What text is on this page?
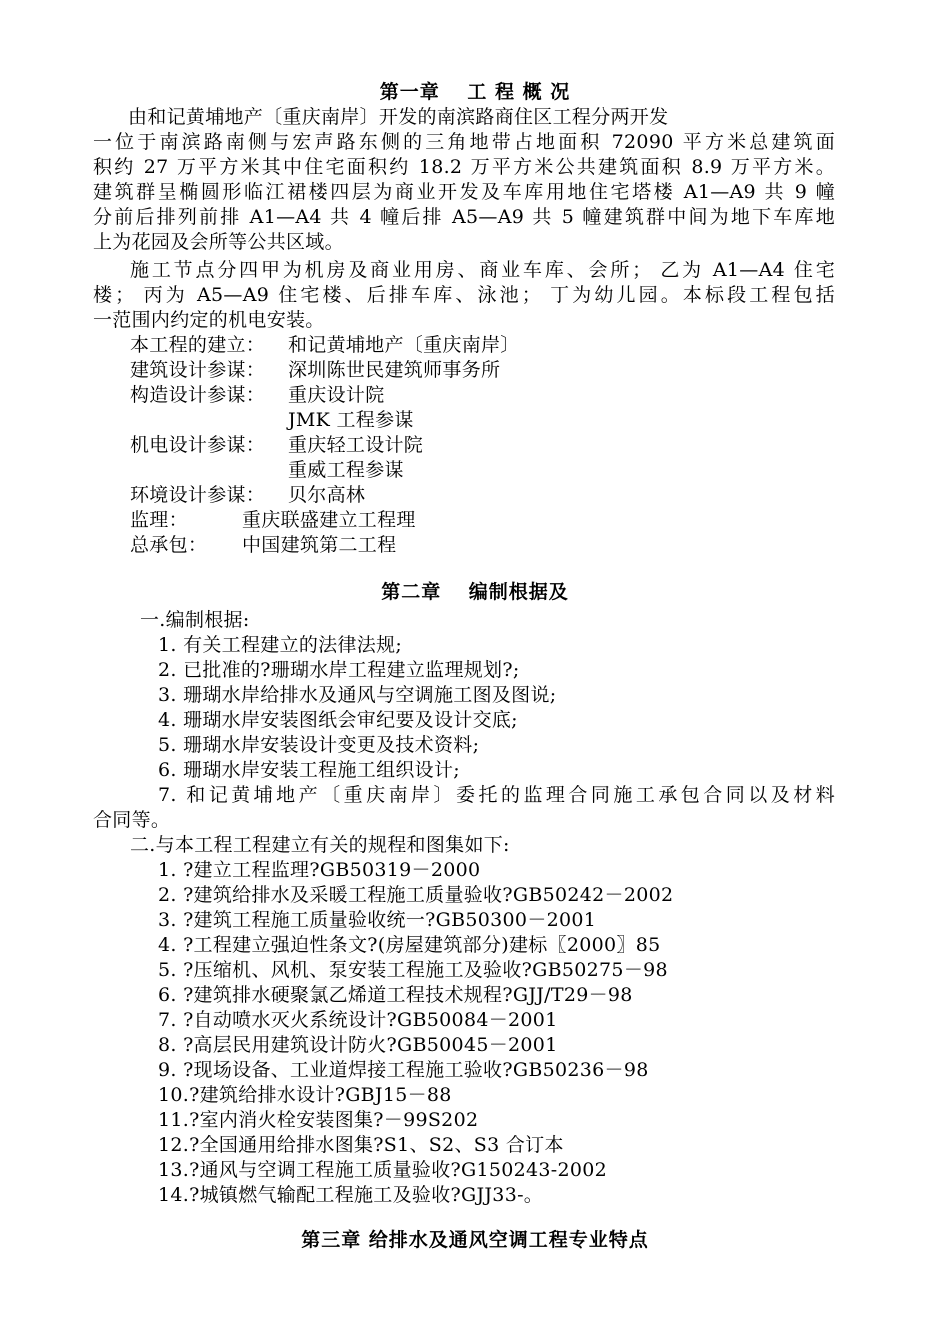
第一章　 工 程 概 况
由和记黄埔地产〔重庆南岸〕开发的南滨路商住区工程分两开发
一位于南滨路南侧与宏声路东侧的三角地带占地面积 72090 平方米总建筑面
积约 27 万平方米其中住宅面积约 18.2 万平方米公共建筑面积 8.9 万平方米。
建筑群呈椭圆形临江裙楼四层为商业开发及车库用地住宅塔楼 A1—A9 共 9 幢
分前后排列前排 A1—A4 共 4 幢后排 A5—A9 共 5 幢建筑群中间为地下车库地
上为花园及会所等公共区域。
施工节点分四甲为机房及商业用房、商业车库、会所； 乙为 A1—A4 住宅
楼； 丙为 A5—A9 住宅楼、后排车库、泳池； 丁为幼儿园。本标段工程包括
一范围内约定的机电安装。
本工程的建立： 和记黄埔地产〔重庆南岸〕
建筑设计参谋： 深圳陈世民建筑师事务所
构造设计参谋： 重庆设计院
JMK 工程参谋
机电设计参谋： 重庆轻工设计院
重威工程参谋
环境设计参谋： 贝尔高林
监理：	重庆联盛建立工程理
总承包： 中国建筑第二工程
第二章　 编制根据及
一.编制根据:
1. 有关工程建立的法律法规;
2. 已批准的?珊瑚水岸工程建立监理规划?;
3. 珊瑚水岸给排水及通风与空调施工图及图说;
4. 珊瑚水岸安装图纸会审纪要及设计交底;
5. 珊瑚水岸安装设计变更及技术资料;
6. 珊瑚水岸安装工程施工组织设计;
7. 和记黄埔地产〔重庆南岸〕委托的监理合同施工承包合同以及材料
合同等。
二.与本工程工程建立有关的规程和图集如下:
1. ?建立工程监理?GB50319－2000
2. ?建筑给排水及采暖工程施工质量验收?GB50242－2002
3. ?建筑工程施工质量验收统一?GB50300－2001
4. ?工程建立强迫性条文?(房屋建筑部分)建标〖2000〗85
5. ?压缩机、风机、泵安装工程施工及验收?GB50275－98
6. ?建筑排水硬聚氯乙烯道工程技术规程?GJJ/T29－98
7. ?自动喷水灭火系统设计?GB50084－2001
8. ?高层民用建筑设计防火?GB50045－2001
9. ?现场设备、工业道焊接工程施工验收?GB50236－98
10.?建筑给排水设计?GBJ15－88
11.?室内消火栓安装图集?－99S202
12.?全国通用给排水图集?S1、S2、S3 合订本
13.?通风与空调工程施工质量验收?G150243-2002
14.?城镇燃气输配工程施工及验收?GJJ33-。
第三章 给排水及通风空调工程专业特点
